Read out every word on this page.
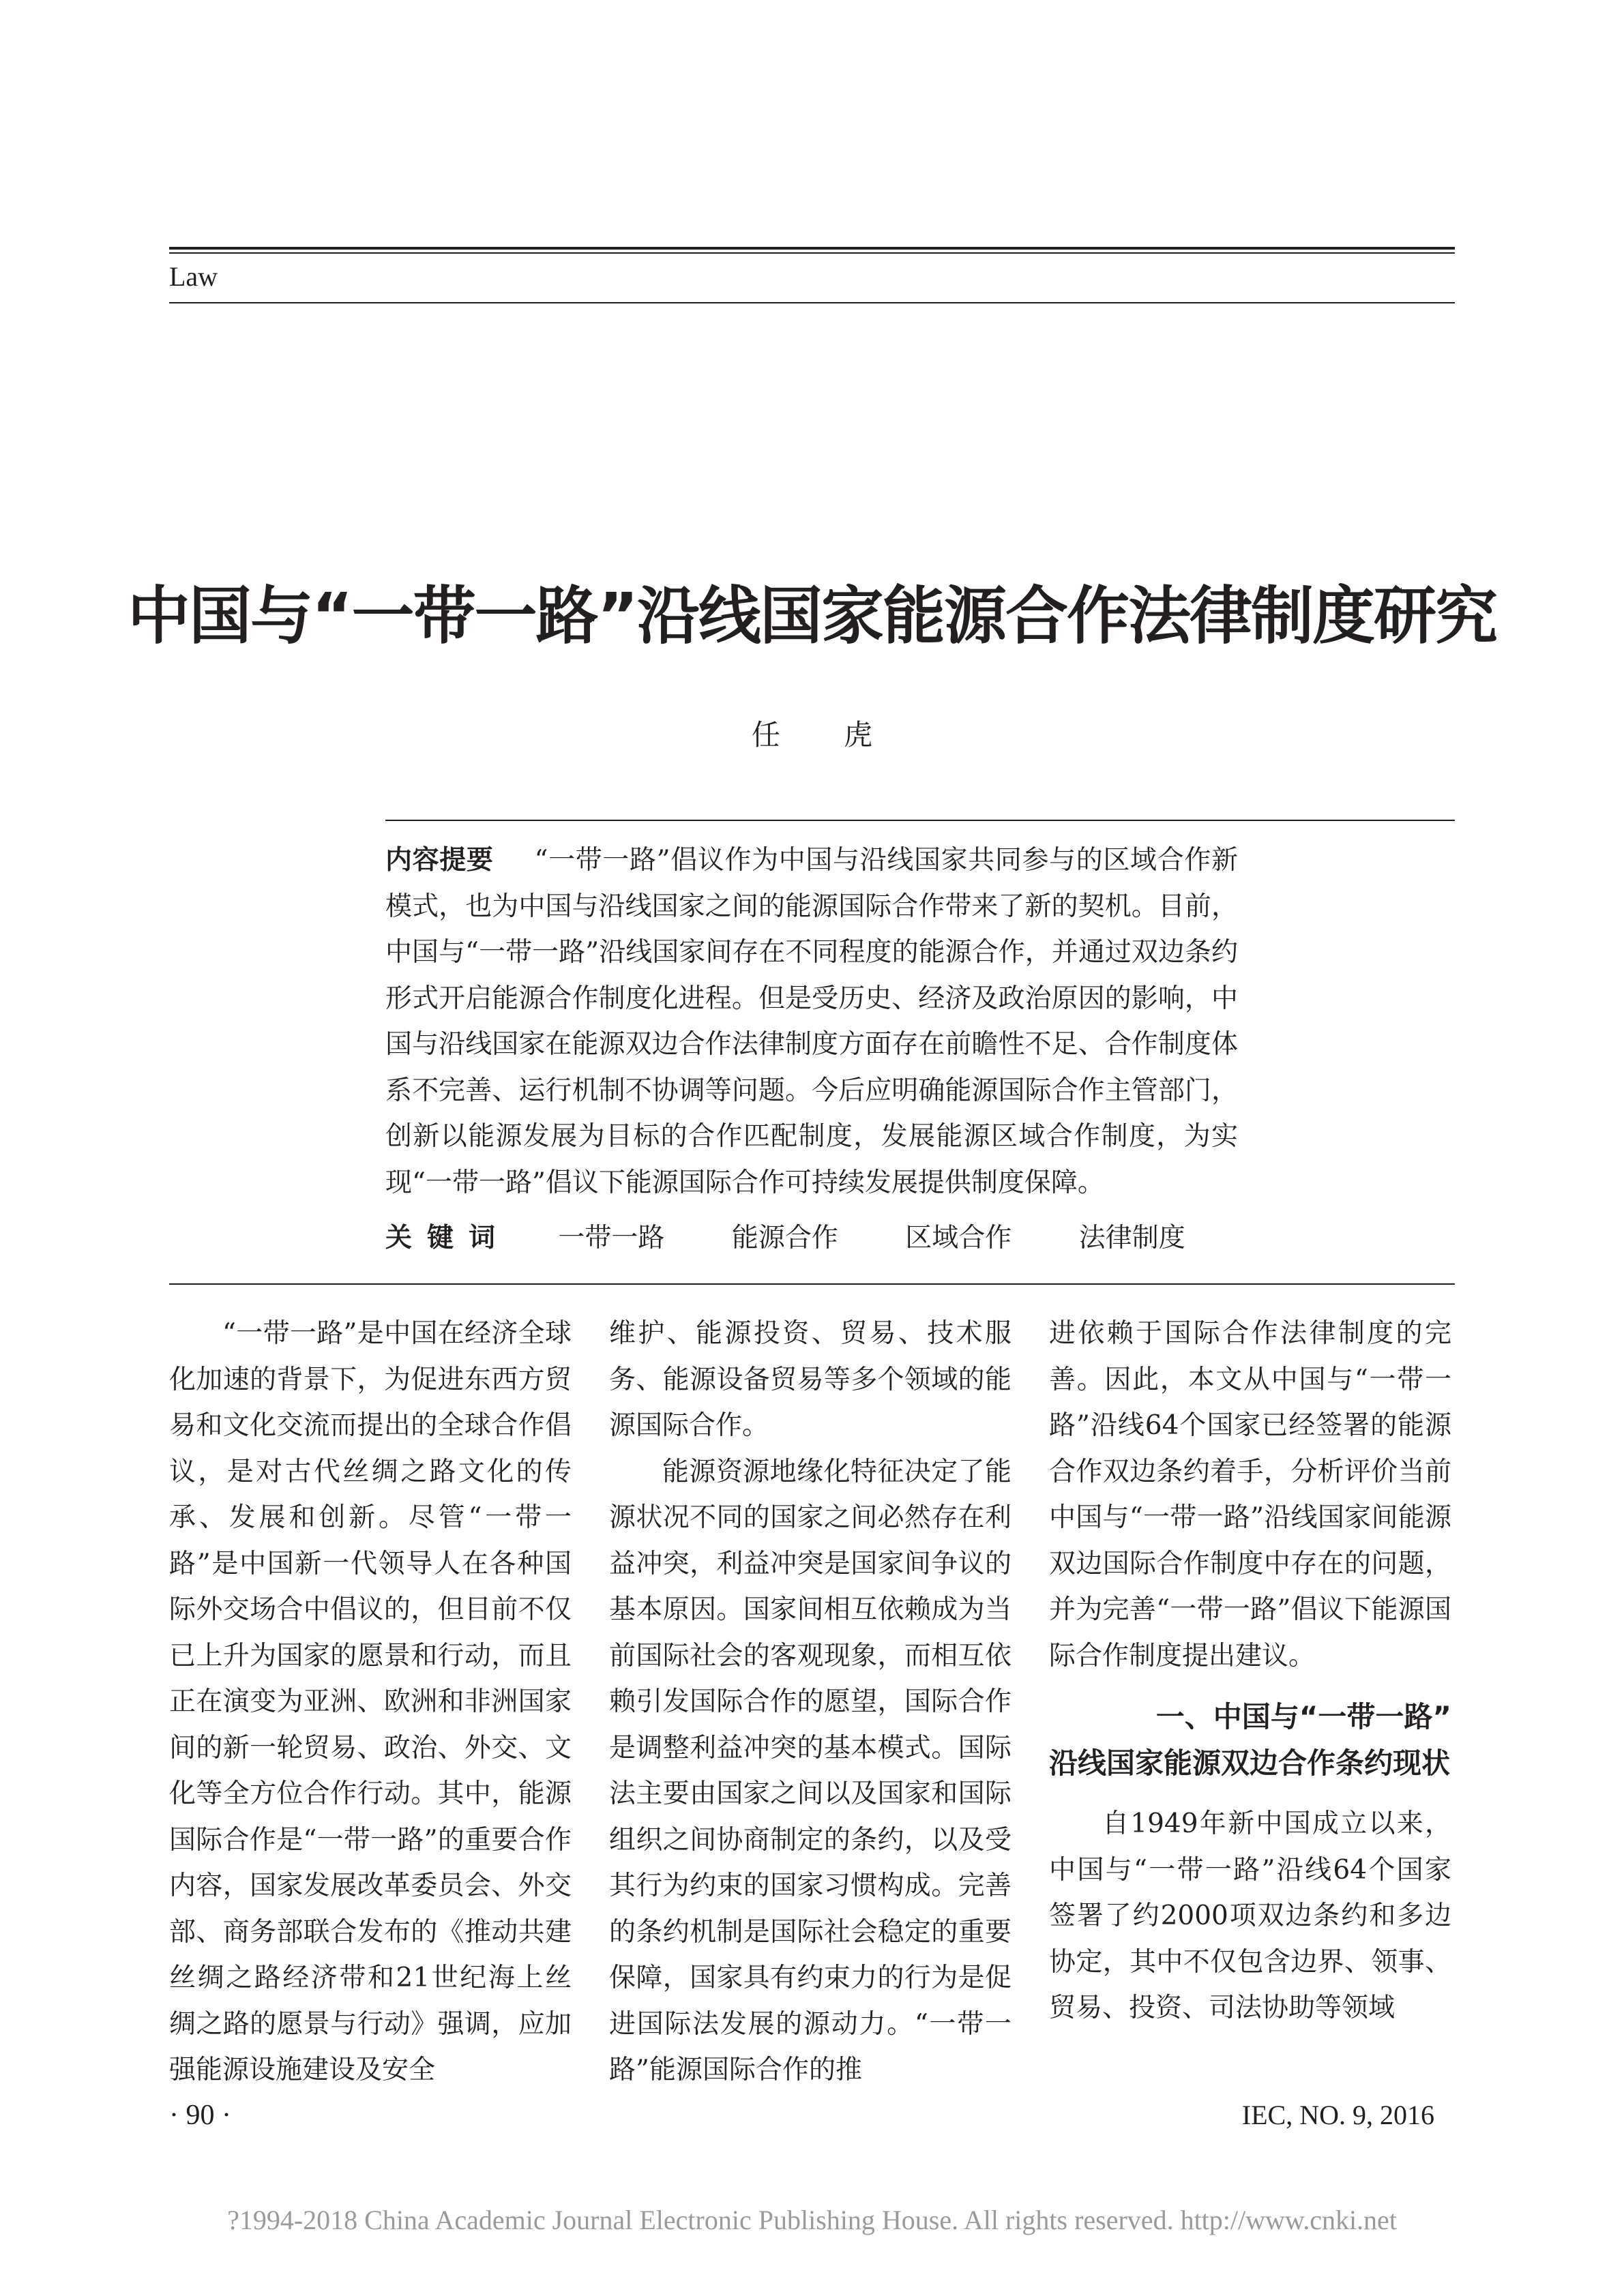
Law
中国与“一带一路”沿线国家能源合作法律制度研究
任 虎
内容提要 “一带一路”倡议作为中国与沿线国家共同参与的区域合作新模式，也为中国与沿线国家之间的能源国际合作带来了新的契机。目前，中国与“一带一路”沿线国家间存在不同程度的能源合作，并通过双边条约形式开启能源合作制度化进程。但是受历史、经济及政治原因的影响，中国与沿线国家在能源双边合作法律制度方面存在前瞻性不足、合作制度体系不完善、运行机制不协调等问题。今后应明确能源国际合作主管部门，创新以能源发展为目标的合作匹配制度，发展能源区域合作制度，为实现“一带一路”倡议下能源国际合作可持续发展提供制度保障。
关键词 一带一路	能源合作	区域合作	法律制度

“一带一路”是中国在经济全球化加速的背景下，为促进东西方贸易和文化交流而提出的全球合作倡议，是对古代丝绸之路文化的传承、发展和创新。尽管“一带一路”是中国新一代领导人在各种国际外交场合中倡议的，但目前不仅已上升为国家的愿景和行动，而且正在演变为亚洲、欧洲和非洲国家间的新一轮贸易、政治、外交、文化等全方位合作行动。其中，能源国际合作是“一带一路”的重要合作内容，国家发展改革委员会、外交部、商务部联合发布的《推动共建丝绸之路经济带和21世纪海上丝绸之路的愿景与行动》强调，应加强能源设施建设及安全

维护、能源投资、贸易、技术服务、能源设备贸易等多个领域的能源国际合作。

能源资源地缘化特征决定了能源状况不同的国家之间必然存在利益冲突，利益冲突是国家间争议的基本原因。国家间相互依赖成为当前国际社会的客观现象，而相互依赖引发国际合作的愿望，国际合作是调整利益冲突的基本模式。国际法主要由国家之间以及国家和国际组织之间协商制定的条约，以及受其行为约束的国家习惯构成。完善的条约机制是国际社会稳定的重要保障，国家具有约束力的行为是促进国际法发展的源动力。“一带一路”能源国际合作的推

进依赖于国际合作法律制度的完善。因此，本文从中国与“一带一路”沿线64个国家已经签署的能源合作双边条约着手，分析评价当前中国与“一带一路”沿线国家间能源双边国际合作制度中存在的问题，并为完善“一带一路”倡议下能源国际合作制度提出建议。

一、中国与“一带一路”
沿线国家能源双边合作条约现状

自1949年新中国成立以来，中国与“一带一路”沿线64个国家签署了约2000项双边条约和多边协定，其中不仅包含边界、领事、贸易、投资、司法协助等领域

· 90 ·	IEC, NO. 9, 2016
?1994-2018 China Academic Journal Electronic Publishing House. All rights reserved. http://www.cnki.net
